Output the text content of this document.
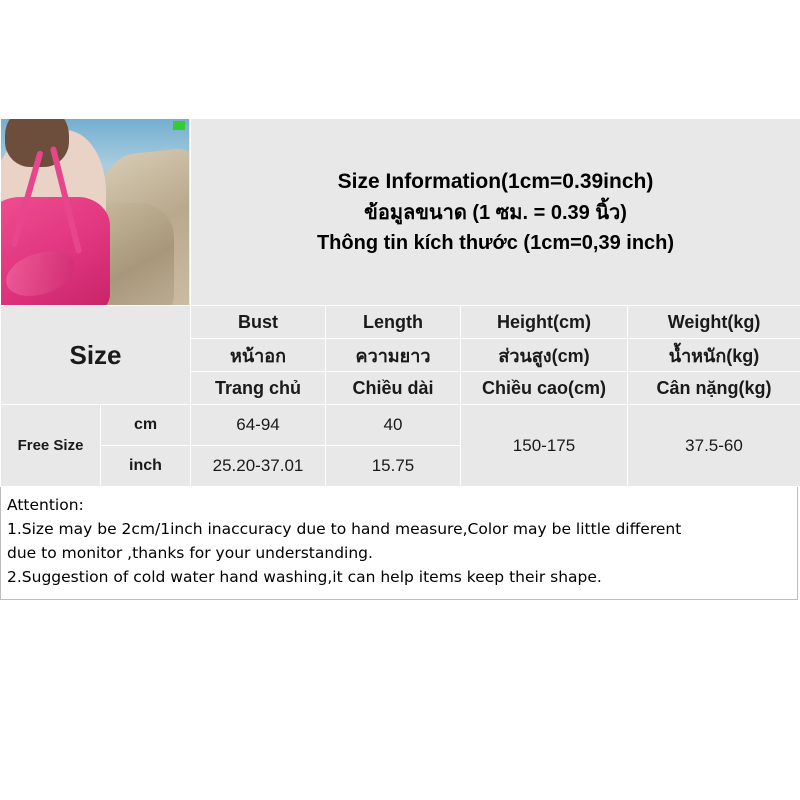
		Size Information(1cm=0.39inch)
ข้อมูลขนาด (1 ซม. = 0.39 นิ้ว)
Thông tin kích thước (1cm=0,39 inch)			

Size		Bust	Length	Height(cm)	Weight(kg)
		หน้าอก	ความยาว	ส่วนสูง(cm)	น้ำหนัก(kg)
		Trang chủ	Chiều dài	Chiều cao(cm)	Cân nặng(kg)
Free Size	cm	64-94	40	150-175	37.5-60
	inch	25.20-37.01	15.75		

Attention:

1.Size may be 2cm/1inch inaccuracy due to hand measure,Color may be little different

due to monitor ,thanks for your understanding.

2.Suggestion of cold water hand washing,it can help items keep their shape.
